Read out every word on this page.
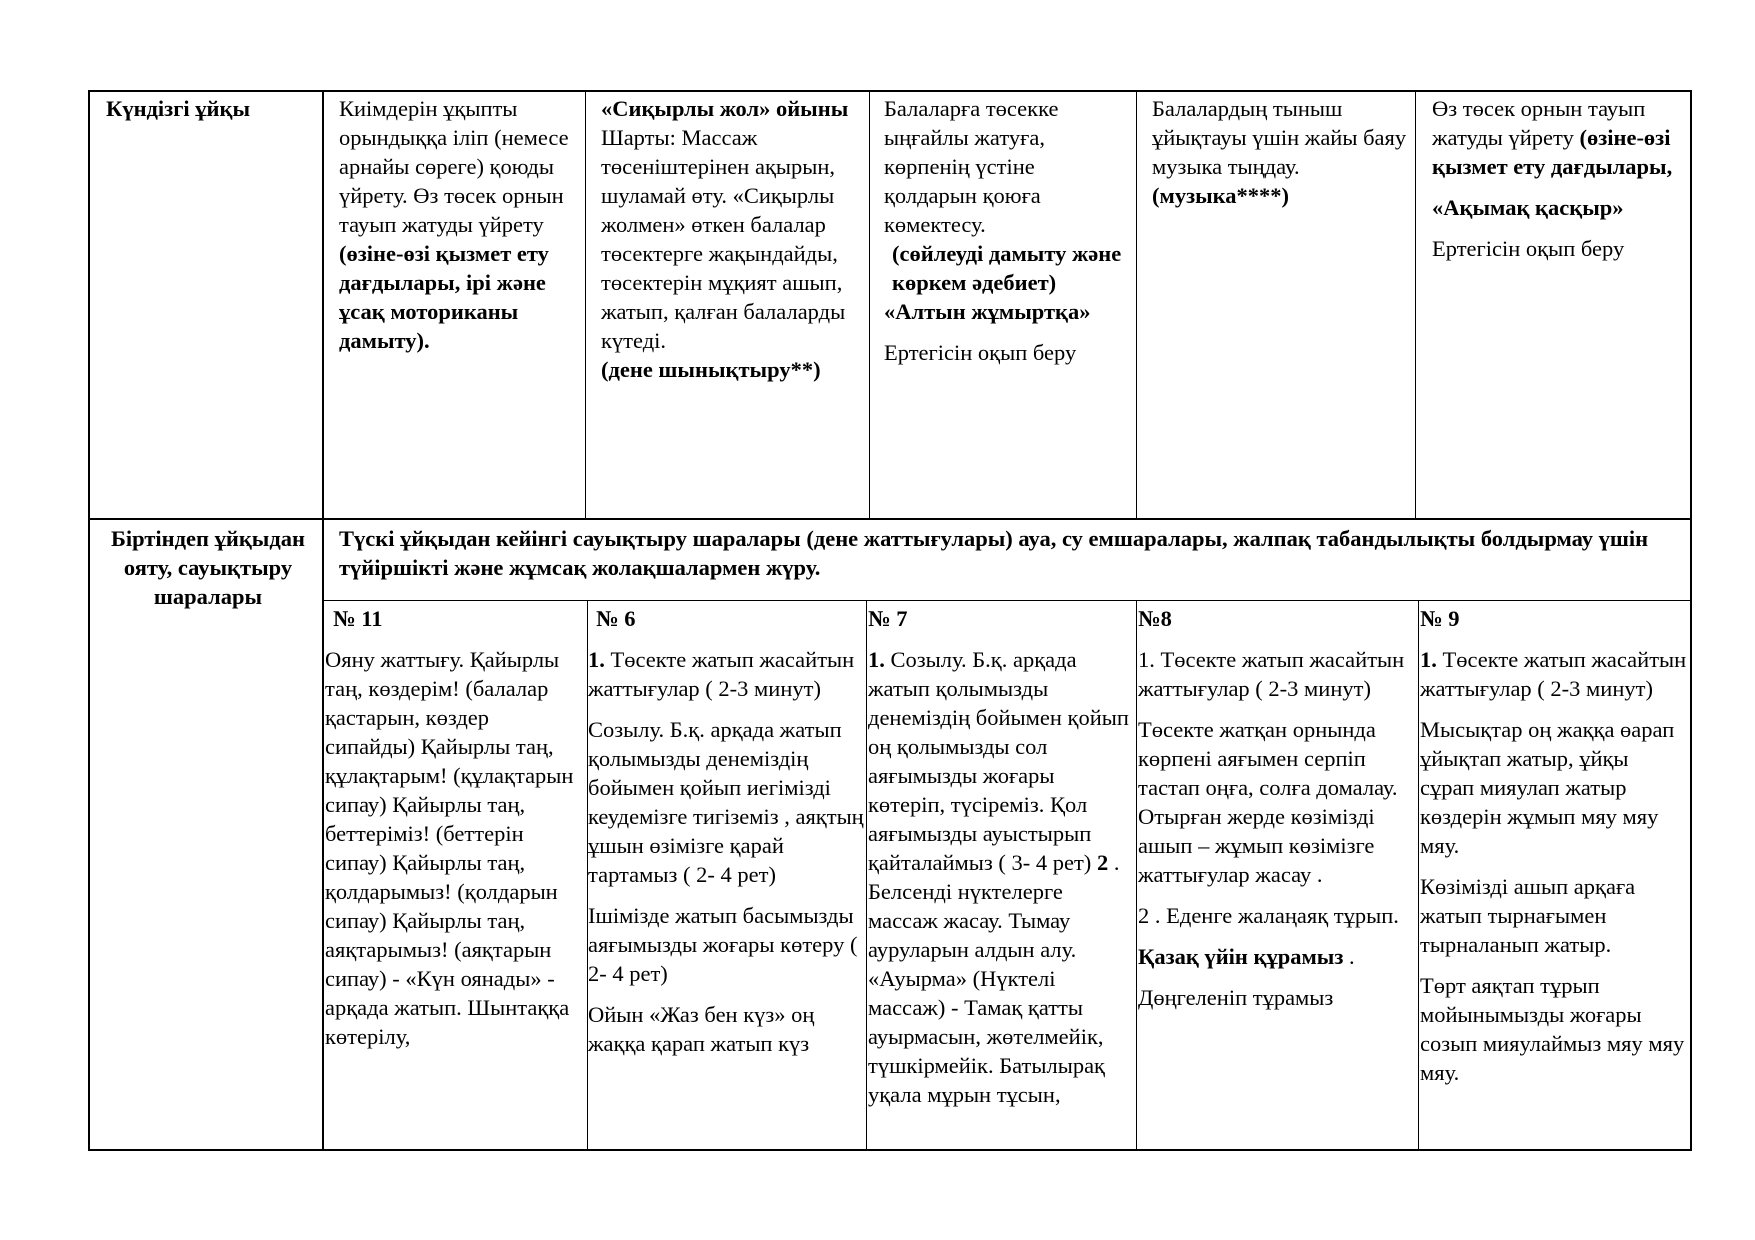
Күндізгі ұйқы	Киімдерін ұқыпты орындыққа іліп (немесе арнайы сөреге) қоюды үйрету. Өз төсек орнын тауып жатуды үйрету (өзіне-өзі қызмет ету дағдылары, ірі және ұсақ моториканы дамыту).

«Сиқырлы жол» ойыны

Шарты: Массаж төсеніштерінен ақырын, шуламай өту. «Сиқырлы жолмен» өткен балалар төсектерге жақындайды, төсектерін мұқият ашып, жатып, қалған балаларды күтеді.

(дене шынықтыру**)

Балаларға төсекке ыңғайлы жатуға, көрпенің үстіне қолдарын қоюға көмектесу.

(сөйлеуді дамыту және көркем әдебиет)

«Алтын жұмыртқа»

Ертегісін оқып беру

Балалардың тыныш ұйықтауы үшін жайы баяу музыка тыңдау.

(музыка****)

Өз төсек орнын тауып жатуды үйрету (өзіне-өзі қызмет ету дағдылары,

«Ақымақ қасқыр»

Ертегісін оқып беру

Біртіндеп ұйқыдан ояту, сауықтыру шаралары
Түскі ұйқыдан кейінгі сауықтыру шаралары (дене жаттығулары) ауа, су емшаралары, жалпақ табандылықты болдырмау үшін түйіршікті және жұмсақ жолақшалармен жүру.

№ 11

Ояну жаттығу. Қайырлы таң, көздерім! (балалар қастарын, көздер сипайды) Қайырлы таң, құлақтарым! (құлақтарын сипау) Қайырлы таң, беттеріміз! (беттерін сипау) Қайырлы таң, қолдарымыз! (қолдарын сипау) Қайырлы таң, аяқтарымыз! (аяқтарын сипау) - «Күн оянады» - арқада жатып. Шынтаққа көтерілу,

№ 6

1. Төсекте жатып жасайтын жаттығулар ( 2-3 минут)

Созылу. Б.қ. арқада жатып қолымызды денеміздің бойымен қойып иегімізді кеудемізге тигіземіз , аяқтың ұшын өзімізге қарай тартамыз ( 2- 4 рет)

Ішімізде жатып басымызды аяғымызды жоғары көтеру ( 2- 4 рет)

Ойын «Жаз бен күз» оң жаққа қарап жатып күз

№ 7

1. Созылу. Б.қ. арқада жатып қолымызды денеміздің бойымен қойып оң қолымызды сол аяғымызды жоғары көтеріп, түсіреміз. Қол аяғымызды ауыстырып қайталаймыз ( 3- 4 рет) 2 . Белсенді нүктелерге массаж жасау. Тымау ауруларын алдын алу. «Ауырма» (Нүктелі массаж) - Тамақ қатты ауырмасын, жөтелмейік, түшкірмейік. Батылырақ уқала мұрын тұсын,

№8

1. Төсекте жатып жасайтын жаттығулар ( 2-3 минут)

Төсекте жатқан орнында көрпені аяғымен серпіп тастап оңға, солға домалау. Отырған жерде көзімізді ашып – жұмып көзімізге жаттығулар жасау .

2 . Еденге жалаңаяқ тұрып.

Қазақ үйін құрамыз .

Дөңгеленіп тұрамыз

№ 9

1. Төсекте жатып жасайтын жаттығулар ( 2-3 минут)

Мысықтар оң жаққа өарап ұйықтап жатыр, ұйқы сұрап мияулап жатыр көздерін жұмып мяу мяу мяу.

Көзімізді ашып арқаға жатып тырнағымен тырналанып жатыр.

Төрт аяқтап тұрып мойынымызды жоғары созып мияулаймыз мяу мяу мяу.
